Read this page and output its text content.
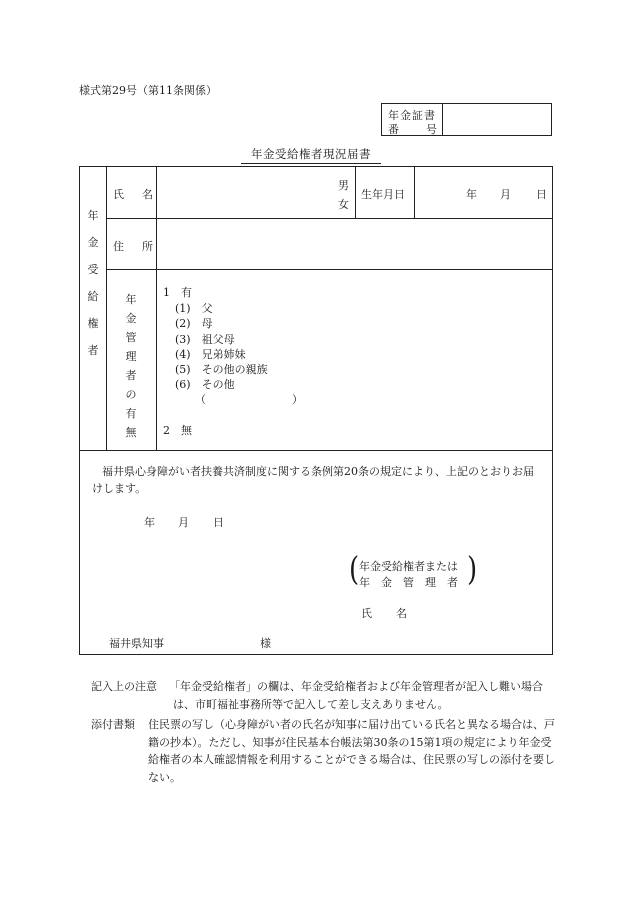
様式第29号（第11条関係）
年金証書
番 号
年金受給権者現況届書
年
金
受
給
権
者
氏 名
男
女
生年月日	年 月 日
住 所
年
金
管
理
者
の
有
無
1　有
(1)　父
(2)　母
(3)　祖父母
(4)　兄弟姉妹
(5)　その他の親族
(6)　その他
（	）
2　無
福井県心身障がい者扶養共済制度に関する条例第20条の規定により、上記のとおりお届けします。
年 月 日
( 年金受給権者または
年　金　管　理　者 )
氏 名
福井県知事	様
記入上の注意 「年金受給権者」の欄は、年金受給権者および年金管理者が記入し難い場合は、市町福祉事務所等で記入して差し支えありません。
添付書類 住民票の写し（心身障がい者の氏名が知事に届け出ている氏名と異なる場合は、戸籍の抄本）。ただし、知事が住民基本台帳法第30条の15第1項の規定により年金受給権者の本人確認情報を利用することができる場合は、住民票の写しの添付を要しない。
